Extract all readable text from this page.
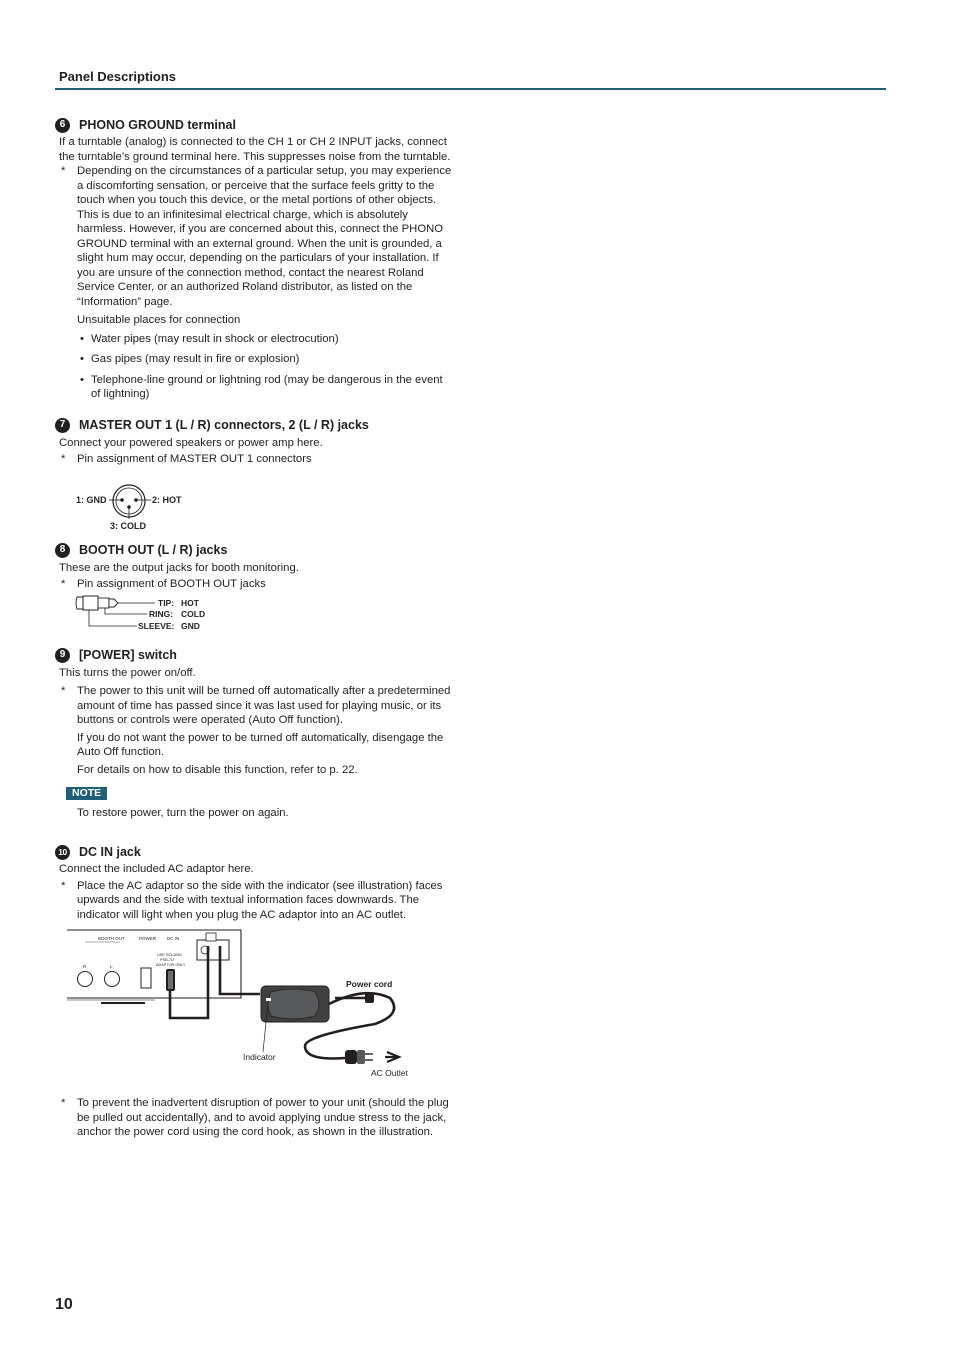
Panel Descriptions
6	PHONO GROUND terminal

If a turntable (analog) is connected to the CH 1 or CH 2 INPUT jacks, connect the turntable’s ground terminal here. This suppresses noise from the turntable.

* Depending on the circumstances of a particular setup, you may experience a discomforting sensation, or perceive that the surface feels gritty to the touch when you touch this device, or the metal portions of other objects. This is due to an infinitesimal electrical charge, which is absolutely harmless. However, if you are concerned about this, connect the PHONO GROUND terminal with an external ground. When the unit is grounded, a slight hum may occur, depending on the particulars of your installation. If you are unsure of the connection method, contact the nearest Roland Service Center, or an authorized Roland distributor, as listed on the “Information” page.

Unsuitable places for connection

• Water pipes (may result in shock or electrocution)
• Gas pipes (may result in fire or explosion)
• Telephone-line ground or lightning rod (may be dangerous in the event of lightning)
7	MASTER OUT 1 (L / R) connectors, 2 (L / R) jacks

Connect your powered speakers or power amp here.

* Pin assignment of MASTER OUT 1 connectors
1: GND	2: HOT
3: COLD
8	BOOTH OUT (L / R) jacks

These are the output jacks for booth monitoring.

* Pin assignment of BOOTH OUT jacks
TIP: HOT
RING: COLD
SLEEVE: GND
9	[POWER] switch

This turns the power on/off.

* The power to this unit will be turned off automatically after a predetermined amount of time has passed since it was last used for playing music, or its buttons or controls were operated (Auto Off function).

If you do not want the power to be turned off automatically, disengage the Auto Off function.

For details on how to disable this function, refer to p. 22.

NOTE

To restore power, turn the power on again.

10 DC IN jack

Connect the included AC adaptor here.

* Place the AC adaptor so the side with the indicator (see illustration) faces upwards and the side with textual information faces downwards. The indicator will light when you plug the AC adaptor into an AC outlet.
BOOTH OUT	POWER DC IN
R	L
USE ROLAND
PSB-7U
ADAPTOR ONLY
Power cord
Indicator
AC Outlet
* To prevent the inadvertent disruption of power to your unit (should the plug be pulled out accidentally), and to avoid applying undue stress to the jack, anchor the power cord using the cord hook, as shown in the illustration.
10
